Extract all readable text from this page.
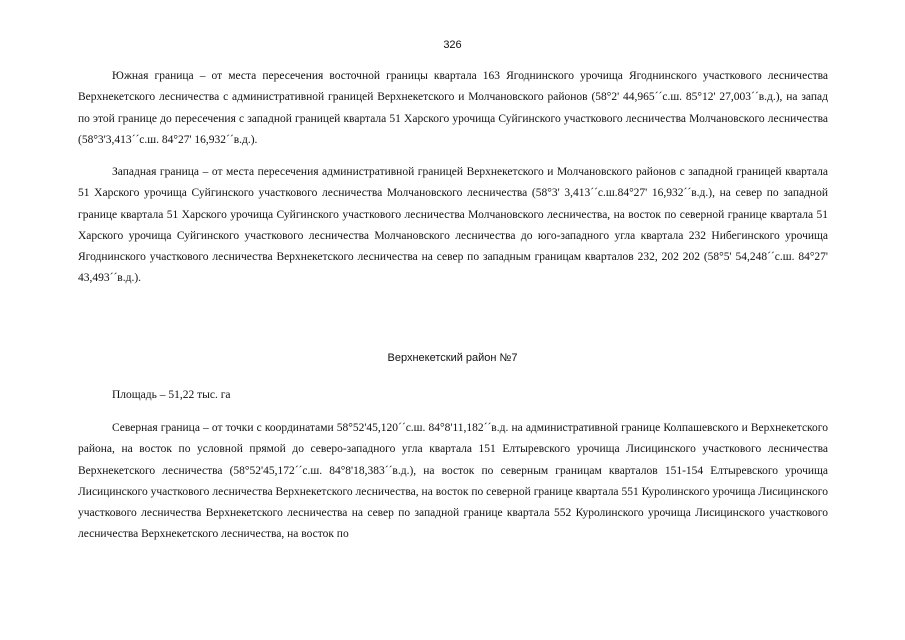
326

Южная граница – от места пересечения восточной границы квартала 163 Ягоднинского урочища Ягоднинского участкового лесничества Верхнекетского лесничества с административной границей Верхнекетского и Молчановского районов (58°2' 44,965´´с.ш. 85°12' 27,003´´в.д.), на запад по этой границе до пересечения с западной границей квартала 51 Харского урочища Суйгинского участкового лесничества Молчановского лесничества (58°3'3,413´´с.ш. 84°27' 16,932´´в.д.).

Западная граница – от места пересечения административной границей Верхнекетского и Молчановского районов с западной границей квартала 51 Харского урочища Суйгинского участкового лесничества Молчановского лесничества (58°3' 3,413´´с.ш.84°27' 16,932´´в.д.), на север по западной границе квартала 51 Харского урочища Суйгинского участкового лесничества Молчановского лесничества, на восток по северной границе квартала 51 Харского урочища Суйгинского участкового лесничества Молчановского лесничества до юго-западного угла квартала 232 Нибегинского урочища Ягоднинского участкового лесничества Верхнекетского лесничества на север по западным границам кварталов 232, 202 202 (58°5' 54,248´´с.ш. 84°27' 43,493´´в.д.).

Верхнекетский район №7

Площадь – 51,22 тыс. га

Северная граница – от точки с координатами 58°52'45,120´´с.ш. 84°8'11,182´´в.д. на административной границе Колпашевского и Верхнекетского района, на восток по условной прямой до северо-западного угла квартала 151 Елтыревского урочища Лисицинского участкового лесничества Верхнекетского лесничества (58°52'45,172´´с.ш. 84°8'18,383´´в.д.), на восток по северным границам кварталов 151-154 Елтыревского урочища Лисицинского участкового лесничества Верхнекетского лесничества, на восток по северной границе квартала 551 Куролинского урочища Лисицинского участкового лесничества Верхнекетского лесничества на север по западной границе квартала 552 Куролинского урочища Лисицинского участкового лесничества Верхнекетского лесничества, на восток по
